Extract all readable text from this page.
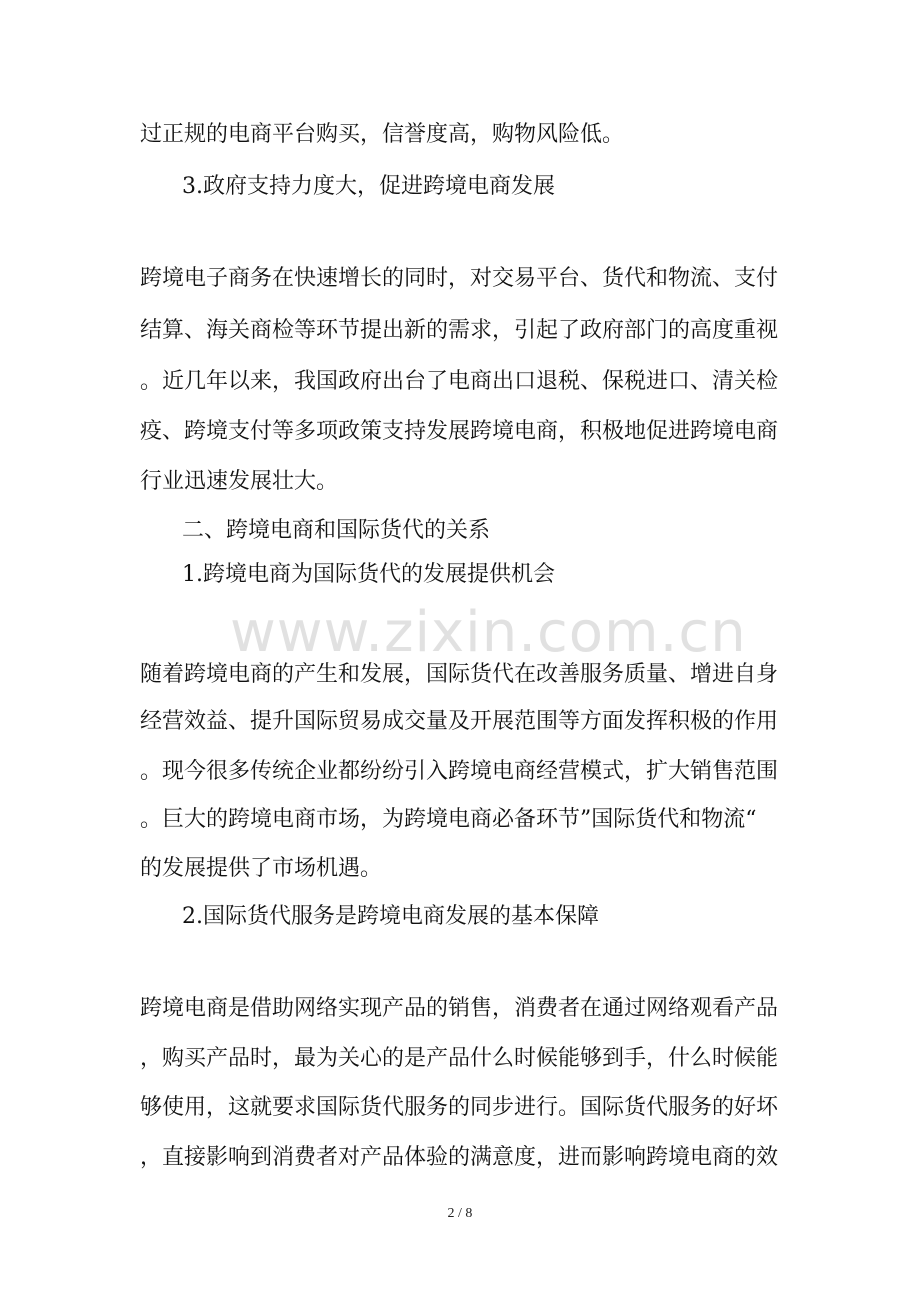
www.zixin.com.cn
过正规的电商平台购买，信誉度高，购物风险低。
3.政府支持力度大，促进跨境电商发展
跨境电子商务在快速增长的同时，对交易平台、货代和物流、支付
结算、海关商检等环节提出新的需求，引起了政府部门的高度重视
。近几年以来，我国政府出台了电商出口退税、保税进口、清关检
疫、跨境支付等多项政策支持发展跨境电商，积极地促进跨境电商
行业迅速发展壮大。
二、跨境电商和国际货代的关系
1.跨境电商为国际货代的发展提供机会
随着跨境电商的产生和发展，国际货代在改善服务质量、增进自身
经营效益、提升国际贸易成交量及开展范围等方面发挥积极的作用
。现今很多传统企业都纷纷引入跨境电商经营模式，扩大销售范围
。巨大的跨境电商市场，为跨境电商必备环节”国际货代和物流“
的发展提供了市场机遇。
2.国际货代服务是跨境电商发展的基本保障
跨境电商是借助网络实现产品的销售，消费者在通过网络观看产品
，购买产品时，最为关心的是产品什么时候能够到手，什么时候能
够使用，这就要求国际货代服务的同步进行。国际货代服务的好坏
，直接影响到消费者对产品体验的满意度，进而影响跨境电商的效
2 / 8
